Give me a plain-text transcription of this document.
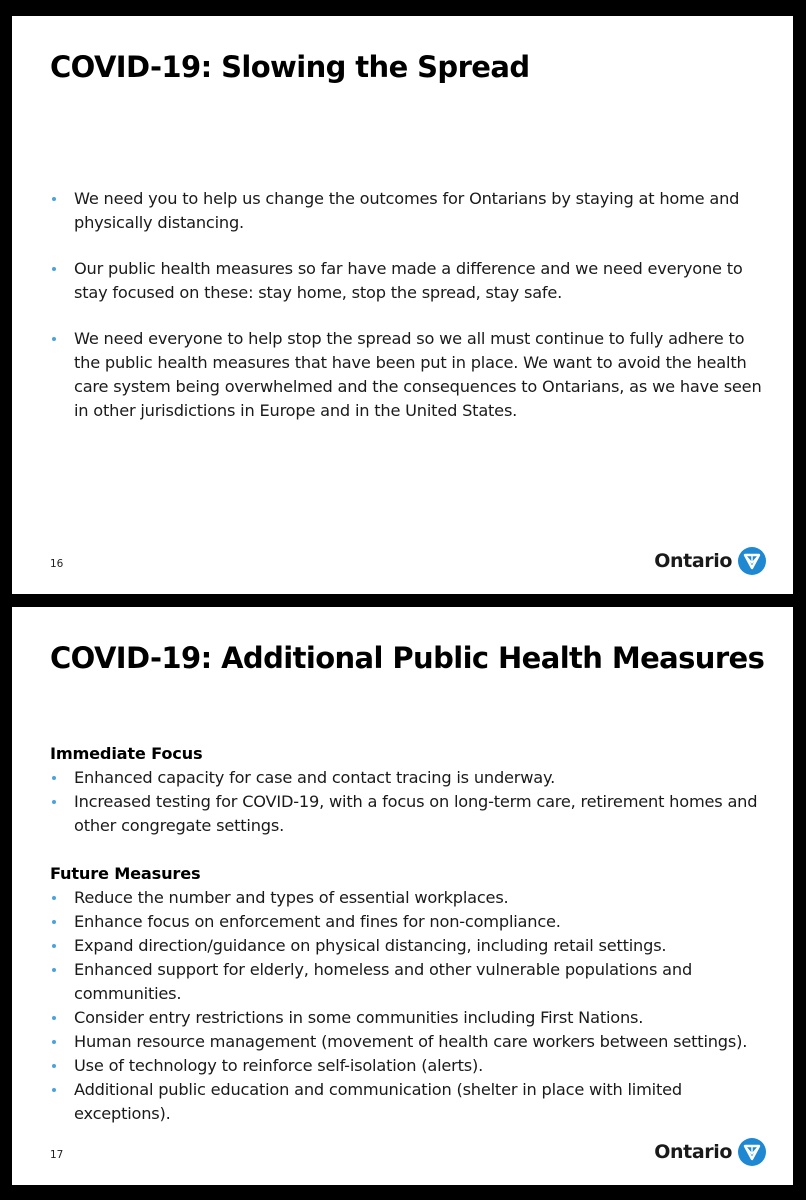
COVID-19: Slowing the Spread
We need you to help us change the outcomes for Ontarians by staying at home and physically distancing.
Our public health measures so far have made a difference and we need everyone to stay focused on these: stay home, stop the spread, stay safe.
We need everyone to help stop the spread so we all must continue to fully adhere to the public health measures that have been put in place. We want to avoid the health care system being overwhelmed and the consequences to Ontarians, as we have seen in other jurisdictions in Europe and in the United States.
16	Ontario
COVID-19: Additional Public Health Measures

Immediate Focus

Enhanced capacity for case and contact tracing is underway.
Increased testing for COVID-19, with a focus on long-term care, retirement homes and other congregate settings.

Future Measures

Reduce the number and types of essential workplaces.
Enhance focus on enforcement and fines for non-compliance.
Expand direction/guidance on physical distancing, including retail settings.
Enhanced support for elderly, homeless and other vulnerable populations and communities.
Consider entry restrictions in some communities including First Nations.
Human resource management (movement of health care workers between settings).
Use of technology to reinforce self-isolation (alerts).
Additional public education and communication (shelter in place with limited exceptions).
17	Ontario
